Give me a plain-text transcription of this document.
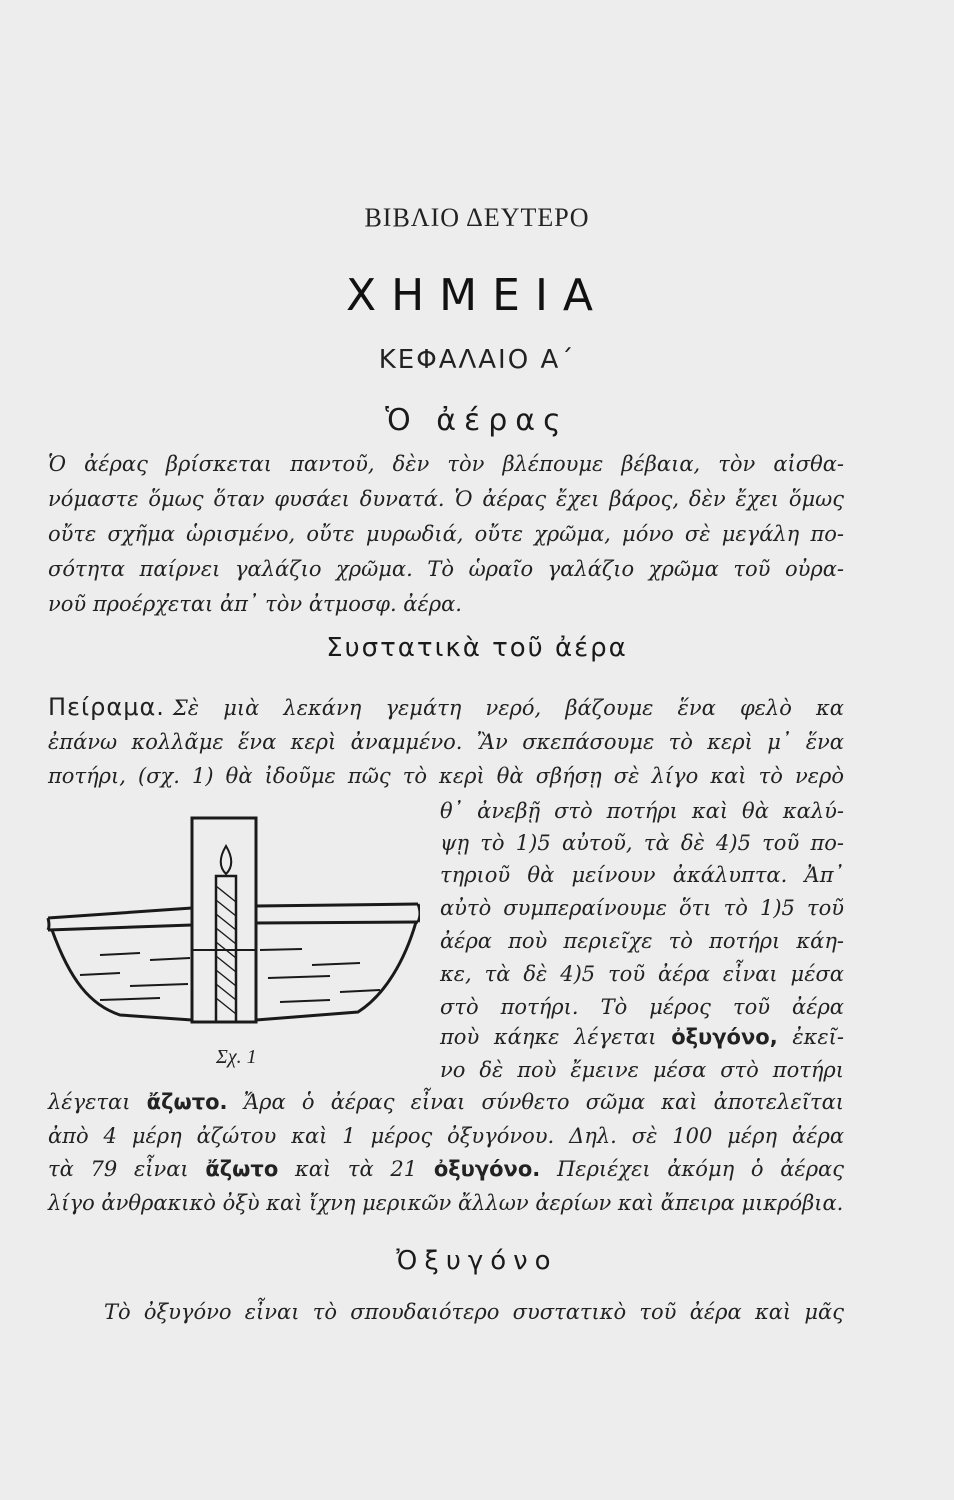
ΒΙΒΛΙΟ ΔΕΥΤΕΡΟ
ΧΗΜΕΙΑ
ΚΕΦΑΛΑΙΟ Α΄
Ὁ ἀέρας
Ὁ ἀέρας βρίσκεται παντοῦ, δὲν τὸν βλέπουμε βέβαια, τὸν αἰσθα-
νόμαστε ὅμως ὅταν φυσάει δυνατά. Ὁ ἀέρας ἔχει βάρος, δὲν ἔχει ὅμως
οὔτε σχῆμα ὡρισμένο, οὔτε μυρωδιά, οὔτε χρῶμα, μόνο σὲ μεγάλη πο-
σότητα παίρνει γαλάζιο χρῶμα. Τὸ ὡραῖο γαλάζιο χρῶμα τοῦ οὐρα-
νοῦ προέρχεται ἀπ᾽ τὸν ἀτμοσφ. ἀέρα.
Συστατικὰ τοῦ ἀέρα
Πείραμα. Σὲ μιὰ λεκάνη γεμάτη νερό, βάζουμε ἕνα φελὸ κα
ἐπάνω κολλᾶμε ἕνα κερὶ ἀναμμένο. Ἂν σκεπάσουμε τὸ κερὶ μ᾽ ἕνα
ποτήρι, (σχ. 1) θὰ ἰδοῦμε πῶς τὸ κερὶ θὰ σβήσῃ σὲ λίγο καὶ τὸ νερὸ
θ᾽ ἀνεβῇ στὸ ποτήρι καὶ θὰ καλύ-
ψῃ τὸ 1)5 αὐτοῦ, τὰ δὲ 4)5 τοῦ πο-
τηριοῦ θὰ μείνουν ἀκάλυπτα. Ἀπ᾽
αὐτὸ συμπεραίνουμε ὅτι τὸ 1)5 τοῦ
ἀέρα ποὺ περιεῖχε τὸ ποτήρι κάη-
κε, τὰ δὲ 4)5 τοῦ ἀέρα εἶναι μέσα
στὸ ποτήρι. Τὸ μέρος τοῦ ἀέρα
ποὺ κάηκε λέγεται ὀξυγόνο, ἐκεῖ-
νο δὲ ποὺ ἔμεινε μέσα στὸ ποτήρι
Σχ. 1
λέγεται ἄζωτο. Ἄρα ὁ ἀέρας εἶναι σύνθετο σῶμα καὶ ἀποτελεῖται
ἀπὸ 4 μέρη ἀζώτου καὶ 1 μέρος ὀξυγόνου. Δηλ. σὲ 100 μέρη ἀέρα
τὰ 79 εἶναι ἄζωτο καὶ τὰ 21 ὀξυγόνο. Περιέχει ἀκόμη ὁ ἀέρας
λίγο ἀνθρακικὸ ὀξὺ καὶ ἴχνη μερικῶν ἄλλων ἀερίων καὶ ἄπειρα μικρόβια.
Ὀξυγόνο
Τὸ ὀξυγόνο εἶναι τὸ σπουδαιότερο συστατικὸ τοῦ ἀέρα καὶ μᾶς
